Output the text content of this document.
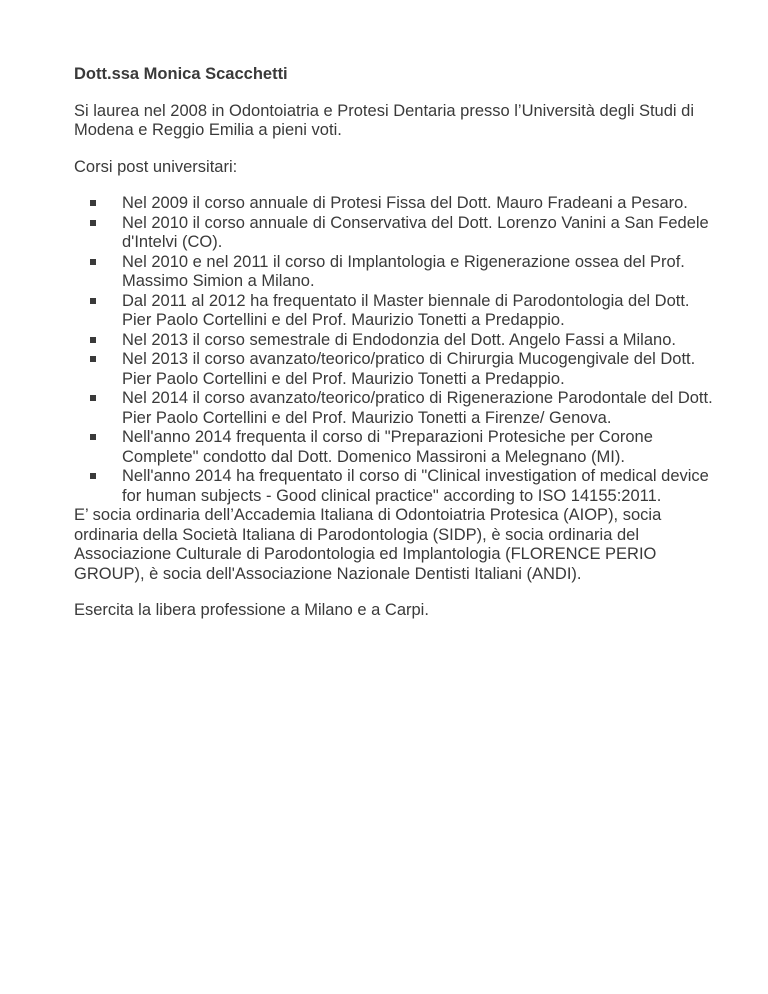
Dott.ssa Monica Scacchetti

Si laurea nel 2008 in Odontoiatria e Protesi Dentaria presso l’Università degli Studi di Modena e Reggio Emilia a pieni voti.

Corsi post universitari:

Nel 2009 il corso annuale di Protesi Fissa del Dott. Mauro Fradeani a Pesaro.
Nel 2010 il corso annuale di Conservativa del Dott. Lorenzo Vanini a San Fedele d'Intelvi (CO).
Nel 2010 e nel 2011 il corso di Implantologia e Rigenerazione ossea del Prof. Massimo Simion a Milano.
Dal 2011 al 2012 ha frequentato il Master biennale di Parodontologia del Dott. Pier Paolo Cortellini e del Prof. Maurizio Tonetti a Predappio.
Nel 2013 il corso semestrale di Endodonzia del Dott. Angelo Fassi a Milano.
Nel 2013 il corso avanzato/teorico/pratico di Chirurgia Mucogengivale del Dott. Pier Paolo Cortellini e del Prof. Maurizio Tonetti a Predappio.
Nel 2014 il corso avanzato/teorico/pratico di Rigenerazione Parodontale del Dott. Pier Paolo Cortellini e del Prof. Maurizio Tonetti a Firenze/ Genova.
Nell'anno 2014 frequenta il corso di "Preparazioni Protesiche per Corone Complete" condotto dal Dott. Domenico Massironi a Melegnano (MI).
Nell'anno 2014 ha frequentato il corso di "Clinical investigation of medical device for human subjects - Good clinical practice" according to ISO 14155:2011.

E’ socia ordinaria dell’Accademia Italiana di Odontoiatria Protesica (AIOP), socia ordinaria della Società Italiana di Parodontologia (SIDP), è socia ordinaria del Associazione Culturale di Parodontologia ed Implantologia (FLORENCE PERIO GROUP), è socia dell'Associazione Nazionale Dentisti Italiani (ANDI).

Esercita la libera professione a Milano e a Carpi.
